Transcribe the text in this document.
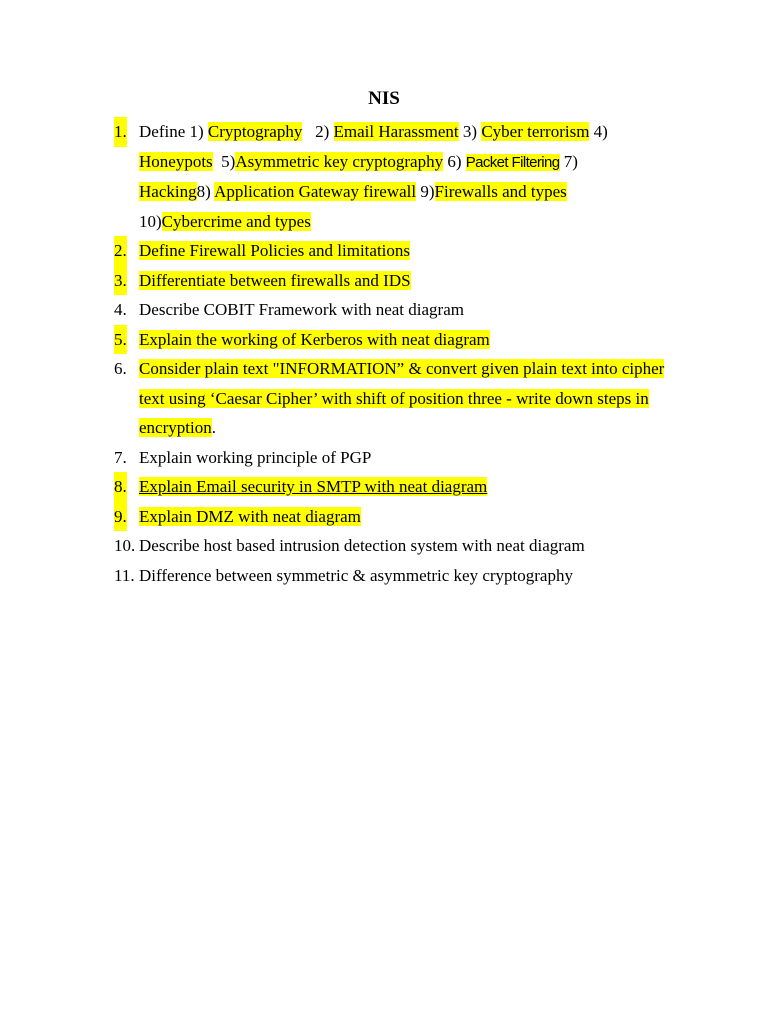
NIS
1. Define 1) Cryptography   2) Email Harassment 3) Cyber terrorism 4)
Honeypots  5)Asymmetric key cryptography 6) Packet Filtering 7)
Hacking8) Application Gateway firewall 9)Firewalls and types
10)Cybercrime and types
2. Define Firewall Policies and limitations
3. Differentiate between firewalls and IDS
4. Describe COBIT Framework with neat diagram
5. Explain the working of Kerberos with neat diagram
6. Consider plain text "INFORMATION” & convert given plain text into cipher text using ‘Caesar Cipher’ with shift of position three - write down steps in encryption.
7. Explain working principle of PGP
8. Explain Email security in SMTP with neat diagram
9. Explain DMZ with neat diagram
10. Describe host based intrusion detection system with neat diagram
11. Difference between symmetric & asymmetric key cryptography
